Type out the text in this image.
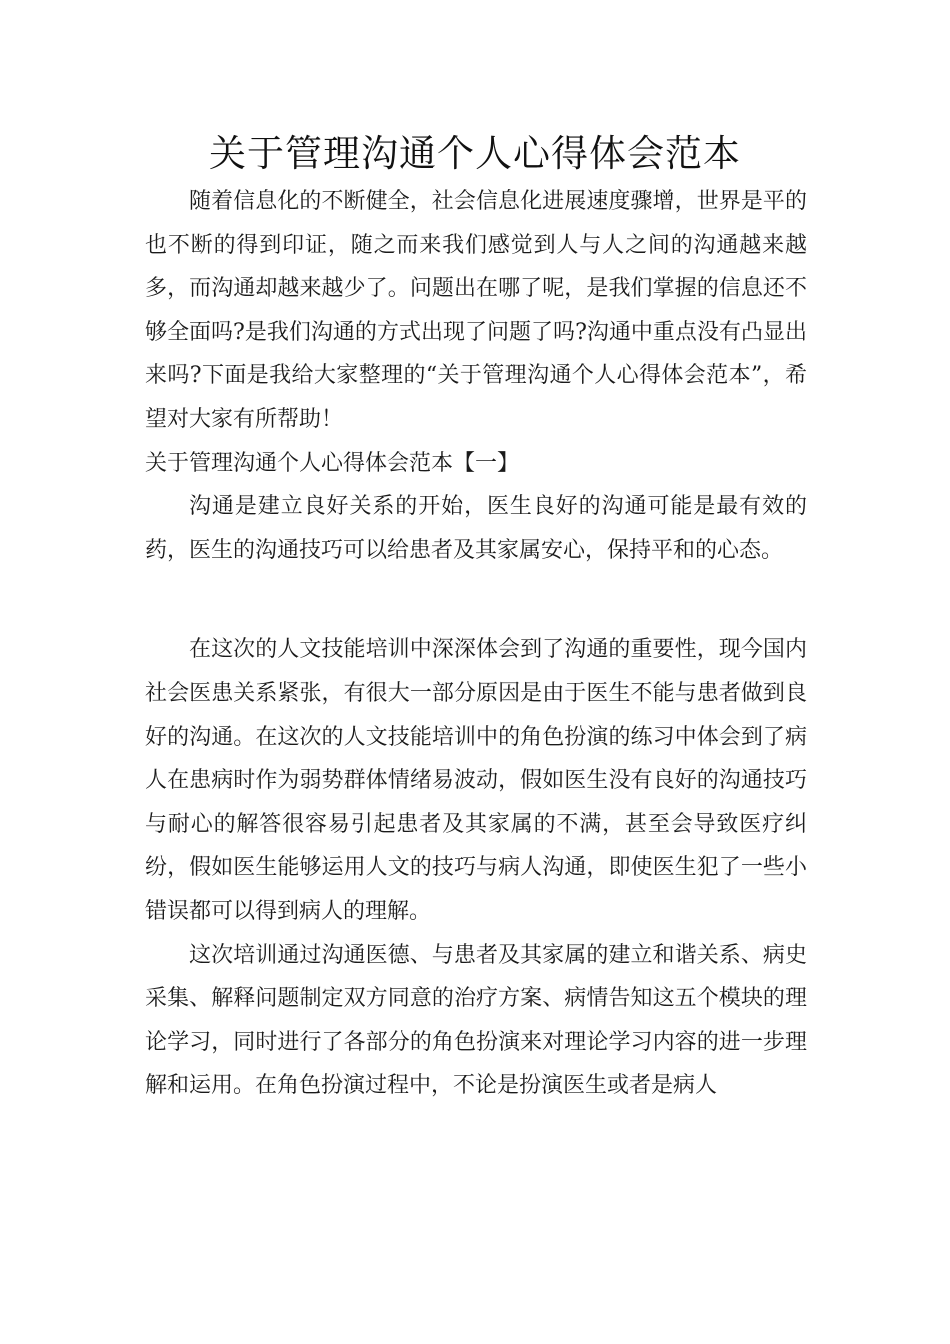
关于管理沟通个人心得体会范本

随着信息化的不断健全，社会信息化进展速度骤增，世界是平的也不断的得到印证，随之而来我们感觉到人与人之间的沟通越来越多，而沟通却越来越少了。问题出在哪了呢，是我们掌握的信息还不够全面吗?是我们沟通的方式出现了问题了吗?沟通中重点没有凸显出来吗?下面是我给大家整理的“关于管理沟通个人心得体会范本”，希望对大家有所帮助！

关于管理沟通个人心得体会范本【一】

沟通是建立良好关系的开始，医生良好的沟通可能是最有效的药，医生的沟通技巧可以给患者及其家属安心，保持平和的心态。

在这次的人文技能培训中深深体会到了沟通的重要性，现今国内社会医患关系紧张，有很大一部分原因是由于医生不能与患者做到良好的沟通。在这次的人文技能培训中的角色扮演的练习中体会到了病人在患病时作为弱势群体情绪易波动，假如医生没有良好的沟通技巧与耐心的解答很容易引起患者及其家属的不满，甚至会导致医疗纠纷，假如医生能够运用人文的技巧与病人沟通，即使医生犯了一些小错误都可以得到病人的理解。

这次培训通过沟通医德、与患者及其家属的建立和谐关系、病史采集、解释问题制定双方同意的治疗方案、病情告知这五个模块的理论学习，同时进行了各部分的角色扮演来对理论学习内容的进一步理解和运用。在角色扮演过程中，不论是扮演医生或者是病人
